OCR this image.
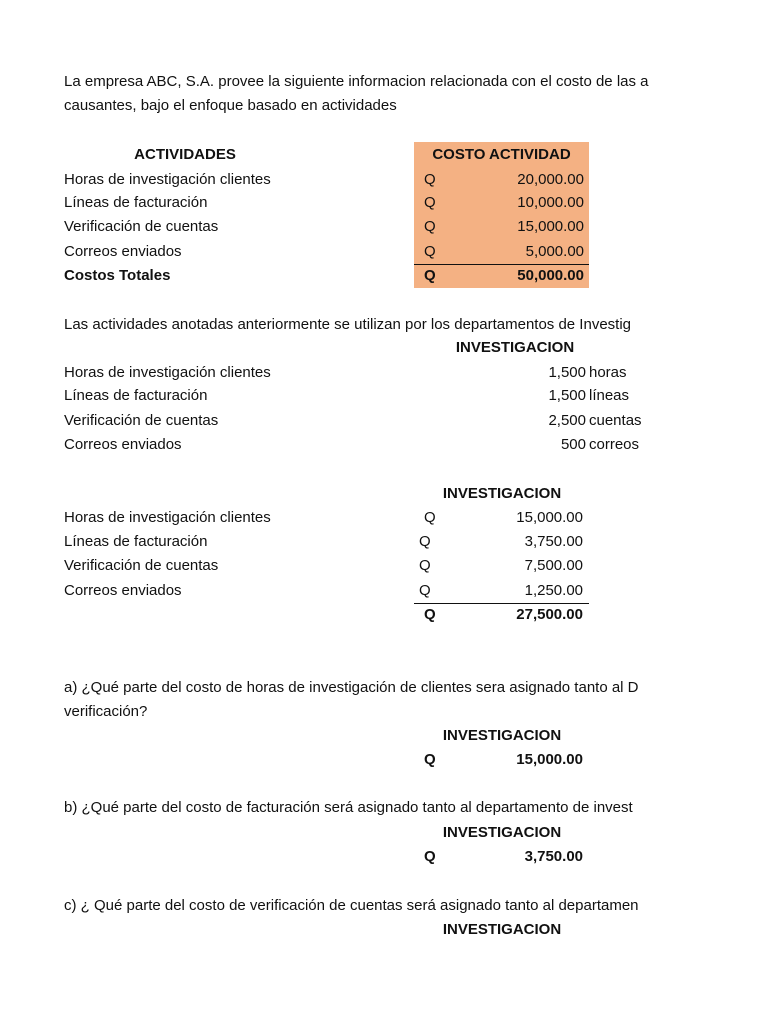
La empresa ABC, S.A. provee la siguiente informacion relacionada con el costo de las a
causantes, bajo el enfoque basado en actividades
ACTIVIDADES	COSTO ACTIVIDAD
Horas de investigación clientes	Q	20,000.00
Líneas de facturación	Q	10,000.00
Verificación de cuentas	Q	15,000.00
Correos enviados	Q	5,000.00
Costos Totales	Q	50,000.00
Las actividades anotadas anteriormente se utilizan por los departamentos de Investig
INVESTIGACION
Horas de investigación clientes	1,500 horas
Líneas de facturación	1,500 líneas
Verificación de cuentas	2,500 cuentas
Correos enviados	500 correos
INVESTIGACION
Horas de investigación clientes	Q	15,000.00
Líneas de facturación	Q	3,750.00
Verificación de cuentas	Q	7,500.00
Correos enviados	Q	1,250.00
Q	27,500.00
a) ¿Qué parte del costo de horas de investigación de clientes sera asignado tanto al D
verificación?
INVESTIGACION
Q	15,000.00
b) ¿Qué parte del costo de facturación será asignado tanto al departamento de invest
INVESTIGACION
Q	3,750.00
c) ¿ Qué parte del costo de verificación de cuentas será asignado tanto al departamen
INVESTIGACION
